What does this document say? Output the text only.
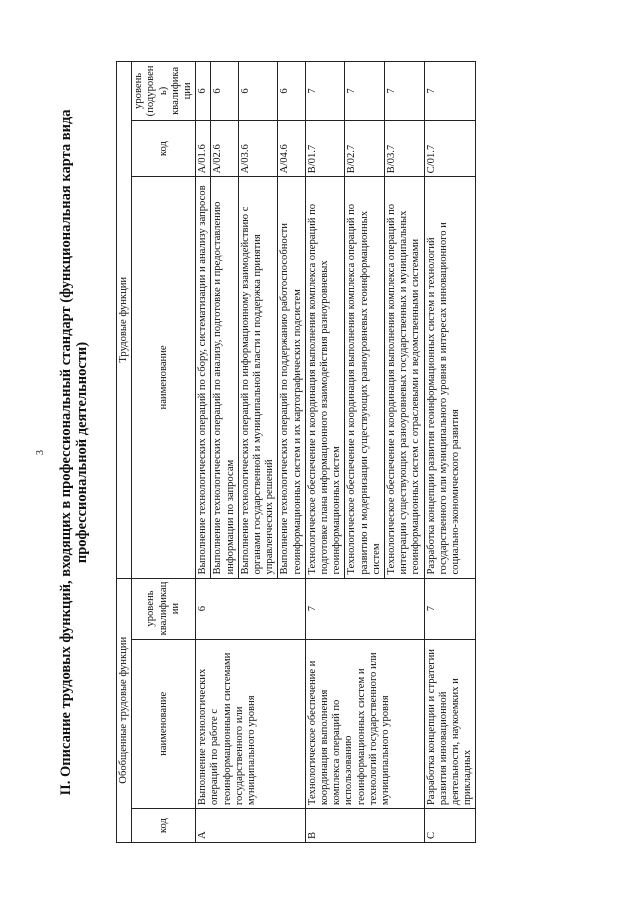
3 II. Описание трудовых функций, входящих в профессиональный стандарт (функциональная карта вида профессиональной деятельности)
Обобщенные трудовые функции			Трудовые функции		
код	наименование	уровень квалификации	наименование	код	уровень (подуровень) квалификации
A	Выполнение технологических операций по работе с геоинформационными системами государственного или муниципального уровня	6	Выполнение технологических операций по сбору, систематизации и анализу запросов	A/01.6	6
			Выполнение технологических операций по анализу, подготовке и предоставлению информации по запросам	A/02.6	6
			Выполнение технологических операций по информационному взаимодействию с органами государственной и муниципальной власти и поддержка принятия управленческих решений	A/03.6	6
			Выполнение технологических операций по поддержанию работоспособности геоинформационных систем и их картографических подсистем	A/04.6	6
B	Технологическое обеспечение и координация выполнения комплекса операций по использованию геоинформационных систем и технологий государственного или муниципального уровня	7	Технологическое обеспечение и координация выполнения комплекса операций по подготовке плана информационного взаимодействия разноуровневых геоинформационных систем	B/01.7	7
			Технологическое обеспечение и координация выполнения комплекса операций по развитию и модернизации существующих разноуровневых геоинформационных систем	B/02.7	7
			Технологическое обеспечение и координация выполнения комплекса операций по интеграции существующих разноуровневых государственных и муниципальных геоинформационных систем с отраслевыми и ведомственными системами	B/03.7	7
C	Разработка концепции и стратегии развития инновационной деятельности, наукоемких и прикладных	7	Разработка концепции развития геоинформационных систем и технологий государственного или муниципального уровня в интересах инновационного и социально-экономического развития	C/01.7	7
